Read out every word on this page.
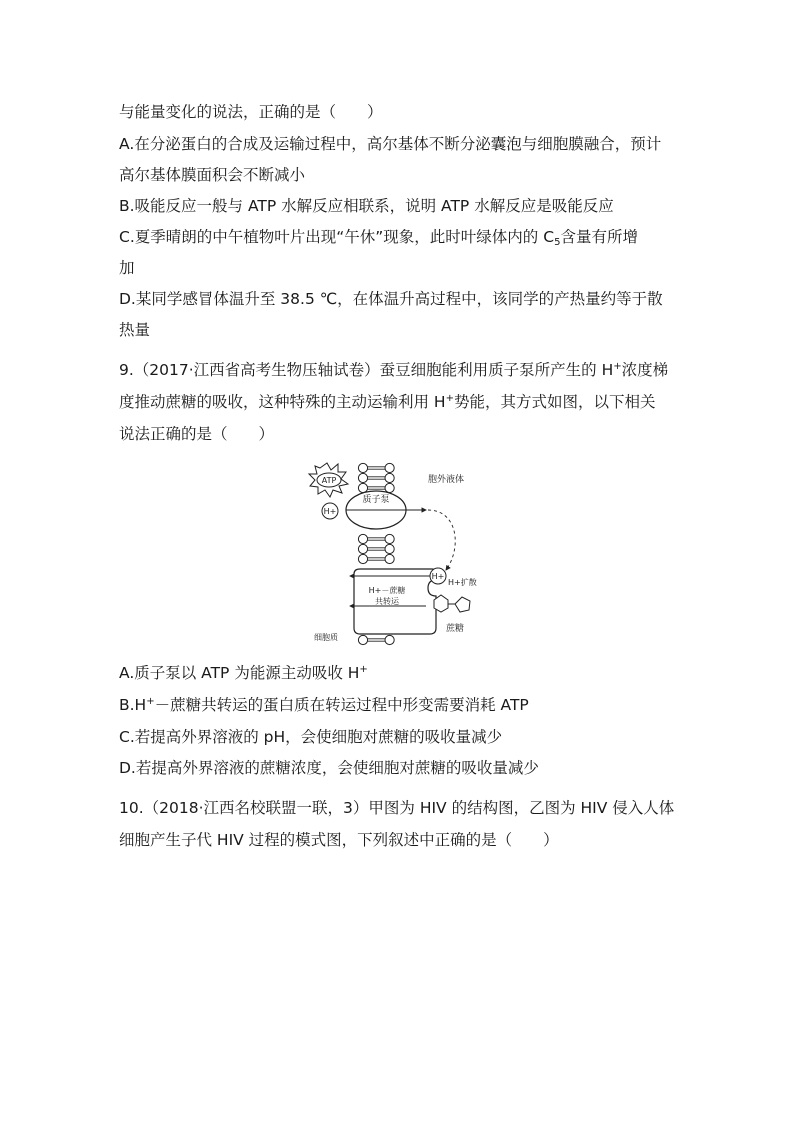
与能量变化的说法，正确的是（　　）
A.在分泌蛋白的合成及运输过程中，高尔基体不断分泌囊泡与细胞膜融合，预计
高尔基体膜面积会不断减小
B.吸能反应一般与 ATP 水解反应相联系，说明 ATP 水解反应是吸能反应
C.夏季晴朗的中午植物叶片出现“午休”现象，此时叶绿体内的 $C_5$含量有所增
加
D.某同学感冒体温升至 38.5 ℃，在体温升高过程中，该同学的产热量约等于散
热量
9.（2017·江西省高考生物压轴试卷）蚕豆细胞能利用质子泵所产生的 H+浓度梯
度推动蔗糖的吸收，这种特殊的主动运输利用 H+势能，其方式如图，以下相关
说法正确的是（　　）
ATP	胞外液体
质子泵
H+
H+－蔗糖
共转运
H+
H+扩散
蔗糖
细胞质
A.质子泵以 ATP 为能源主动吸收 H+
B.H+－蔗糖共转运的蛋白质在转运过程中形变需要消耗 ATP
C.若提高外界溶液的 pH，会使细胞对蔗糖的吸收量减少
D.若提高外界溶液的蔗糖浓度，会使细胞对蔗糖的吸收量减少
10.（2018·江西名校联盟一联，3）甲图为 HIV 的结构图，乙图为 HIV 侵入人体
细胞产生子代 HIV 过程的模式图，下列叙述中正确的是（　　）
